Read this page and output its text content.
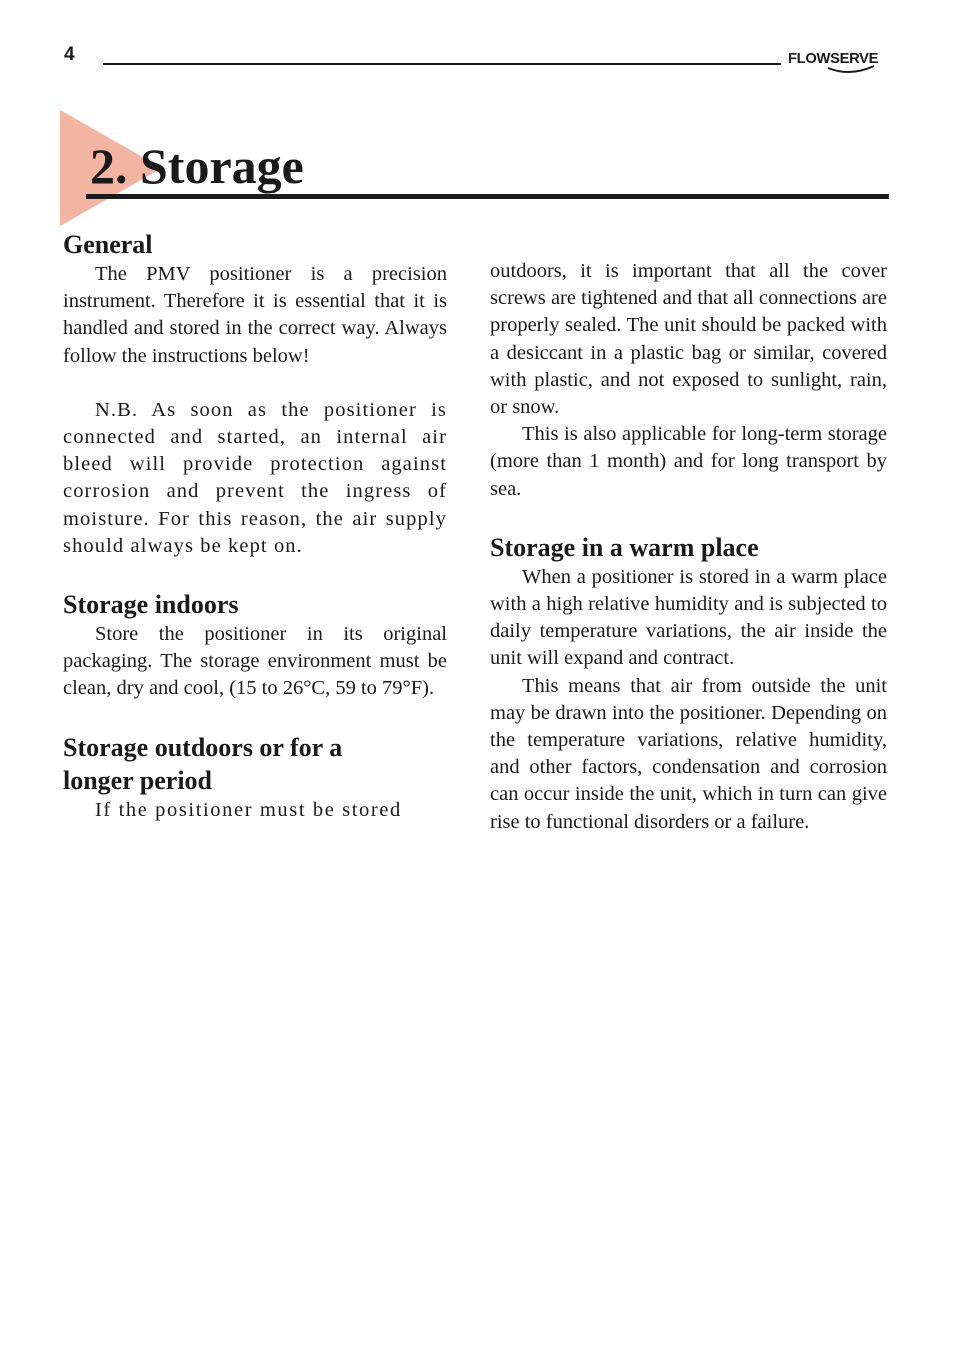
4	FLOWSERVE
2. Storage
General

The PMV positioner is a precision instrument. Therefore it is essential that it is handled and stored in the correct way. Always follow the instructions below!

N.B. As soon as the positioner is connected and started, an internal air bleed will provide protection against corrosion and prevent the ingress of moisture. For this reason, the air supply should always be kept on.

Storage indoors

Store the positioner in its original packaging. The storage environment must be clean, dry and cool, (15 to 26°C, 59 to 79°F).

Storage outdoors or for a longer period

If the positioner must be stored

outdoors, it is important that all the cover screws are tightened and that all connections are properly sealed. The unit should be packed with a desiccant in a plastic bag or similar, covered with plastic, and not exposed to sunlight, rain, or snow.

This is also applicable for long-term storage (more than 1 month) and for long transport by sea.

Storage in a warm place

When a positioner is stored in a warm place with a high relative humidity and is subjected to daily temperature variations, the air inside the unit will expand and contract.

This means that air from outside the unit may be drawn into the positioner. Depending on the temperature variations, relative humidity, and other factors, condensation and corrosion can occur inside the unit, which in turn can give rise to functional disorders or a failure.
